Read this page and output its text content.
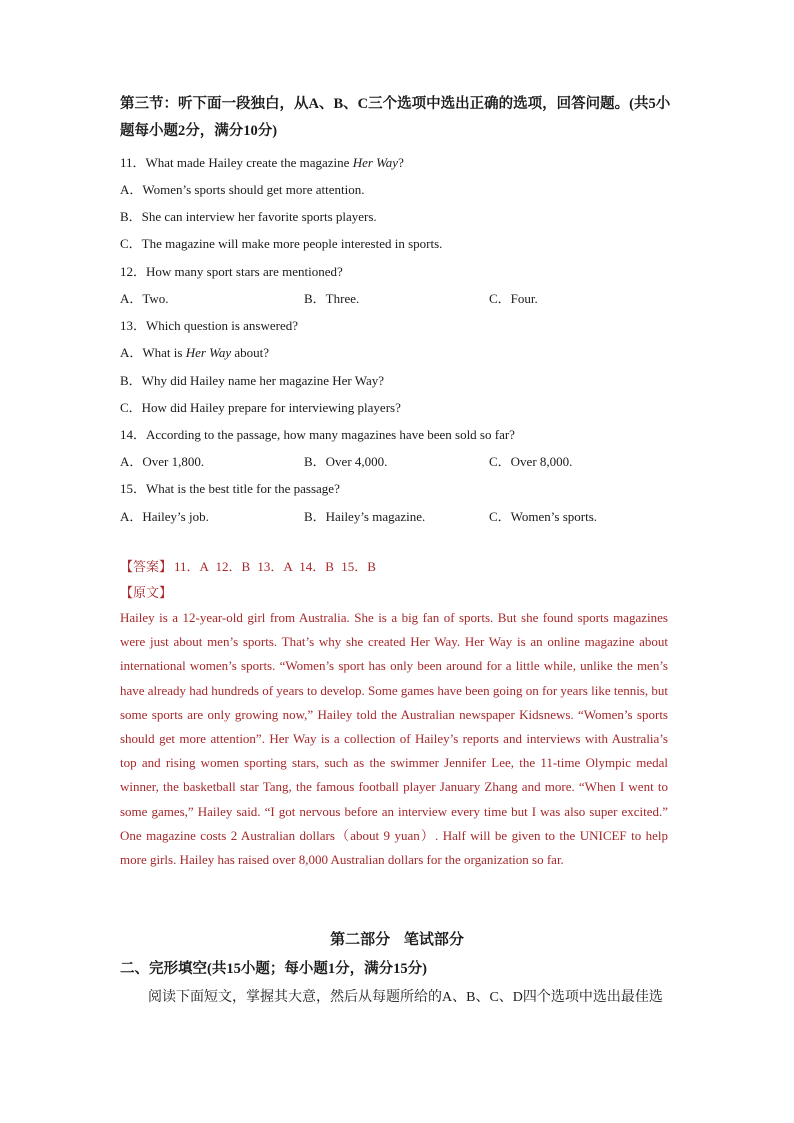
第三节：听下面一段独白，从A、B、C三个选项中选出正确的选项，回答问题。(共5小题每小题2分，满分10分)
11．What made Hailey create the magazine Her Way?
A．Women’s sports should get more attention.
B．She can interview her favorite sports players.
C．The magazine will make more people interested in sports.
12．How many sport stars are mentioned?
A．Two.	B．Three.	C．Four.
13．Which question is answered?
A．What is Her Way about?
B．Why did Hailey name her magazine Her Way?
C．How did Hailey prepare for interviewing players?
14．According to the passage, how many magazines have been sold so far?
A．Over 1,800.	B．Over 4,000.	C．Over 8,000.
15．What is the best title for the passage?
A．Hailey’s job.	B．Hailey’s magazine.	C．Women’s sports.
【答案】 11．A 12．B 13．A 14．B 15．B
【原文】
Hailey is a 12-year-old girl from Australia. She is a big fan of sports. But she found sports magazines were just about men’s sports. That’s why she created Her Way. Her Way is an online magazine about international women’s sports. “Women’s sport has only been around for a little while, unlike the men’s have already had hundreds of years to develop. Some games have been going on for years like tennis, but some sports are only growing now,” Hailey told the Australian newspaper Kidsnews. “Women’s sports should get more attention”. Her Way is a collection of Hailey’s reports and interviews with Australia’s top and rising women sporting stars, such as the swimmer Jennifer Lee, the 11-time Olympic medal winner, the basketball star Tang, the famous football player January Zhang and more. “When I went to some games,” Hailey said. “I got nervous before an interview every time but I was also super excited.” One magazine costs 2 Australian dollars（about 9 yuan）. Half will be given to the UNICEF to help more girls. Hailey has raised over 8,000 Australian dollars for the organization so far.
第二部分 笔试部分
二、完形填空(共15小题；每小题1分，满分15分)
阅读下面短文，掌握其大意，然后从每题所给的A、B、C、D四个选项中选出最佳选
